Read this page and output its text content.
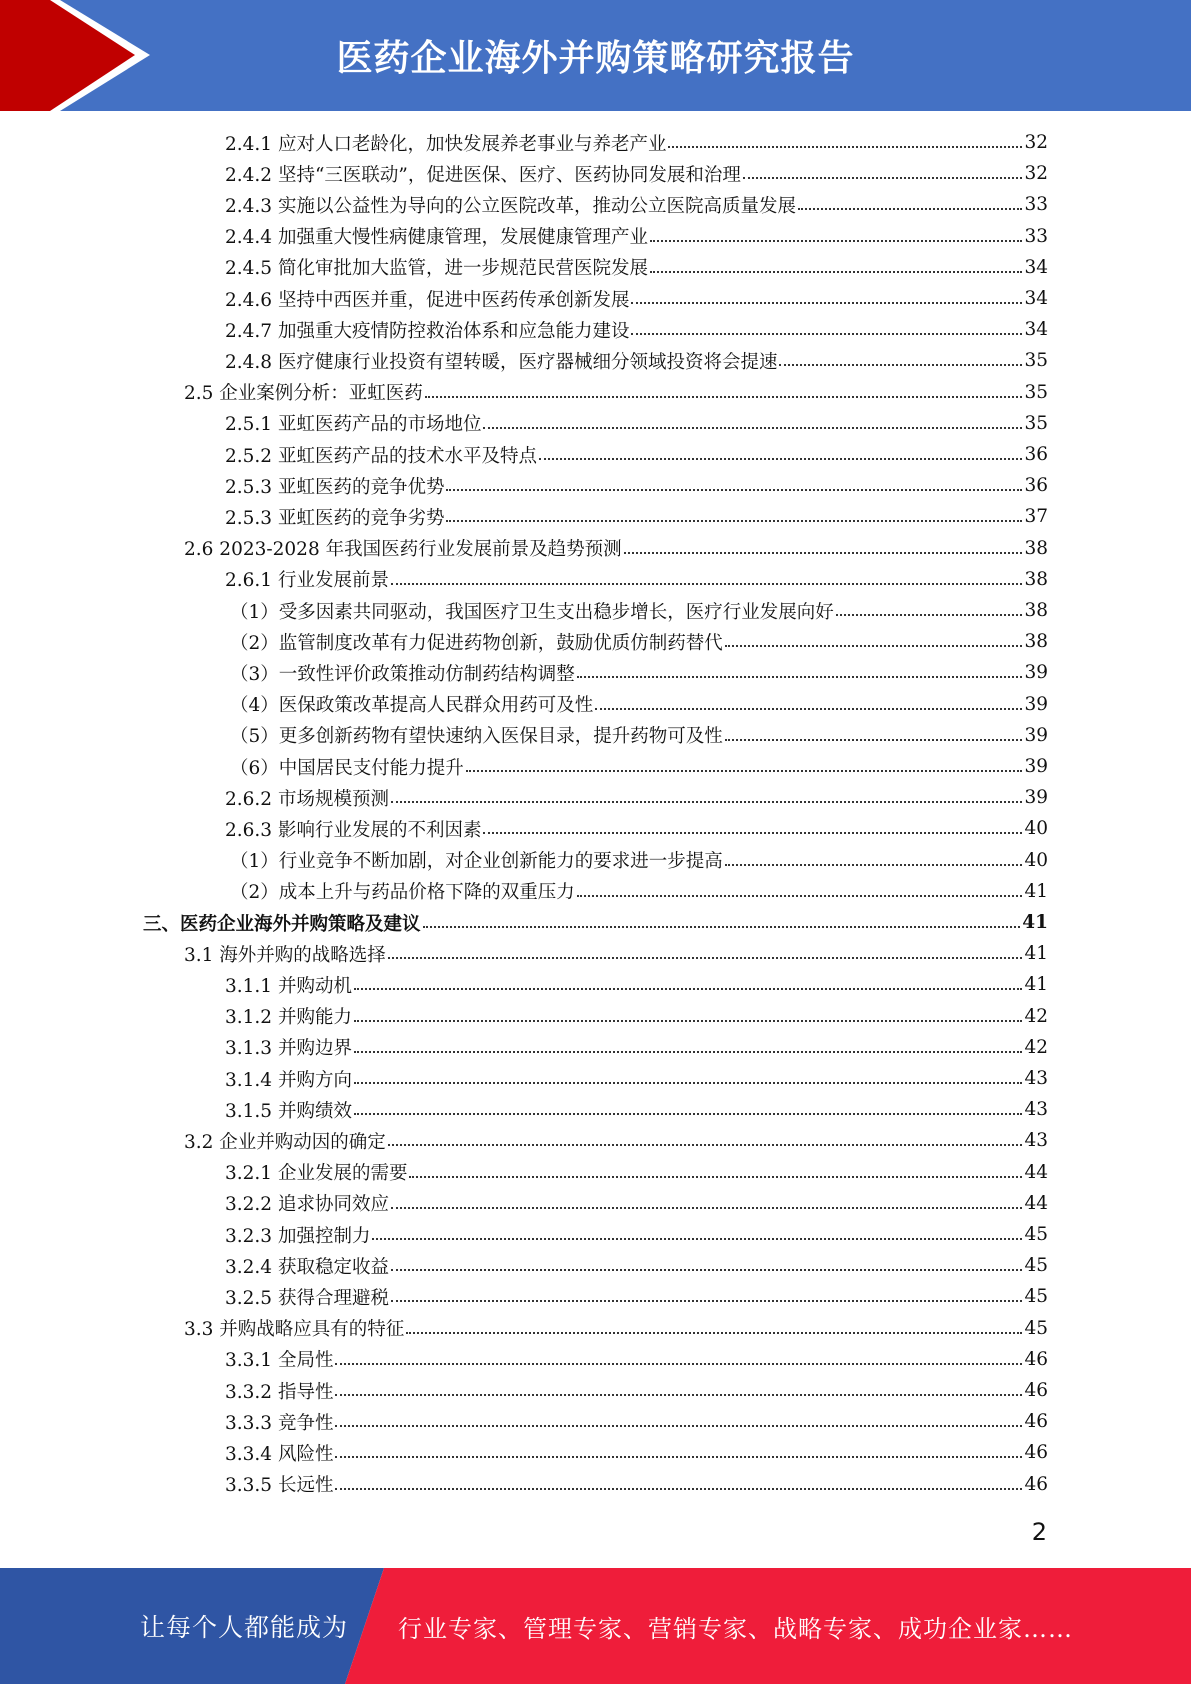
医药企业海外并购策略研究报告
2.4.1 应对人口老龄化，加快发展养老事业与养老产业	32
2.4.2 坚持“三医联动”，促进医保、医疗、医药协同发展和治理	32
2.4.3 实施以公益性为导向的公立医院改革，推动公立医院高质量发展	33
2.4.4 加强重大慢性病健康管理，发展健康管理产业	33
2.4.5 简化审批加大监管，进一步规范民营医院发展	34
2.4.6 坚持中西医并重，促进中医药传承创新发展	34
2.4.7 加强重大疫情防控救治体系和应急能力建设	34
2.4.8 医疗健康行业投资有望转暖，医疗器械细分领域投资将会提速	35
2.5 企业案例分析：亚虹医药	35
2.5.1 亚虹医药产品的市场地位	35
2.5.2 亚虹医药产品的技术水平及特点	36
2.5.3 亚虹医药的竞争优势	36
2.5.3 亚虹医药的竞争劣势	37
2.6 2023-2028 年我国医药行业发展前景及趋势预测	38
2.6.1 行业发展前景	38
（1）受多因素共同驱动，我国医疗卫生支出稳步增长，医疗行业发展向好	38
（2）监管制度改革有力促进药物创新，鼓励优质仿制药替代	38
（3）一致性评价政策推动仿制药结构调整	39
（4）医保政策改革提高人民群众用药可及性	39
（5）更多创新药物有望快速纳入医保目录，提升药物可及性	39
（6）中国居民支付能力提升	39
2.6.2 市场规模预测	39
2.6.3 影响行业发展的不利因素	40
（1）行业竞争不断加剧，对企业创新能力的要求进一步提高	40
（2）成本上升与药品价格下降的双重压力	41
三、医药企业海外并购策略及建议	41
3.1 海外并购的战略选择	41
3.1.1 并购动机	41
3.1.2 并购能力	42
3.1.3 并购边界	42
3.1.4 并购方向	43
3.1.5 并购绩效	43
3.2 企业并购动因的确定	43
3.2.1 企业发展的需要	44
3.2.2 追求协同效应	44
3.2.3 加强控制力	45
3.2.4 获取稳定收益	45
3.2.5 获得合理避税	45
3.3 并购战略应具有的特征	45
3.3.1 全局性	46
3.3.2 指导性	46
3.3.3 竞争性	46
3.3.4 风险性	46
3.3.5 长远性	46
2
让每个人都能成为 行业专家、管理专家、营销专家、战略专家、成功企业家……
